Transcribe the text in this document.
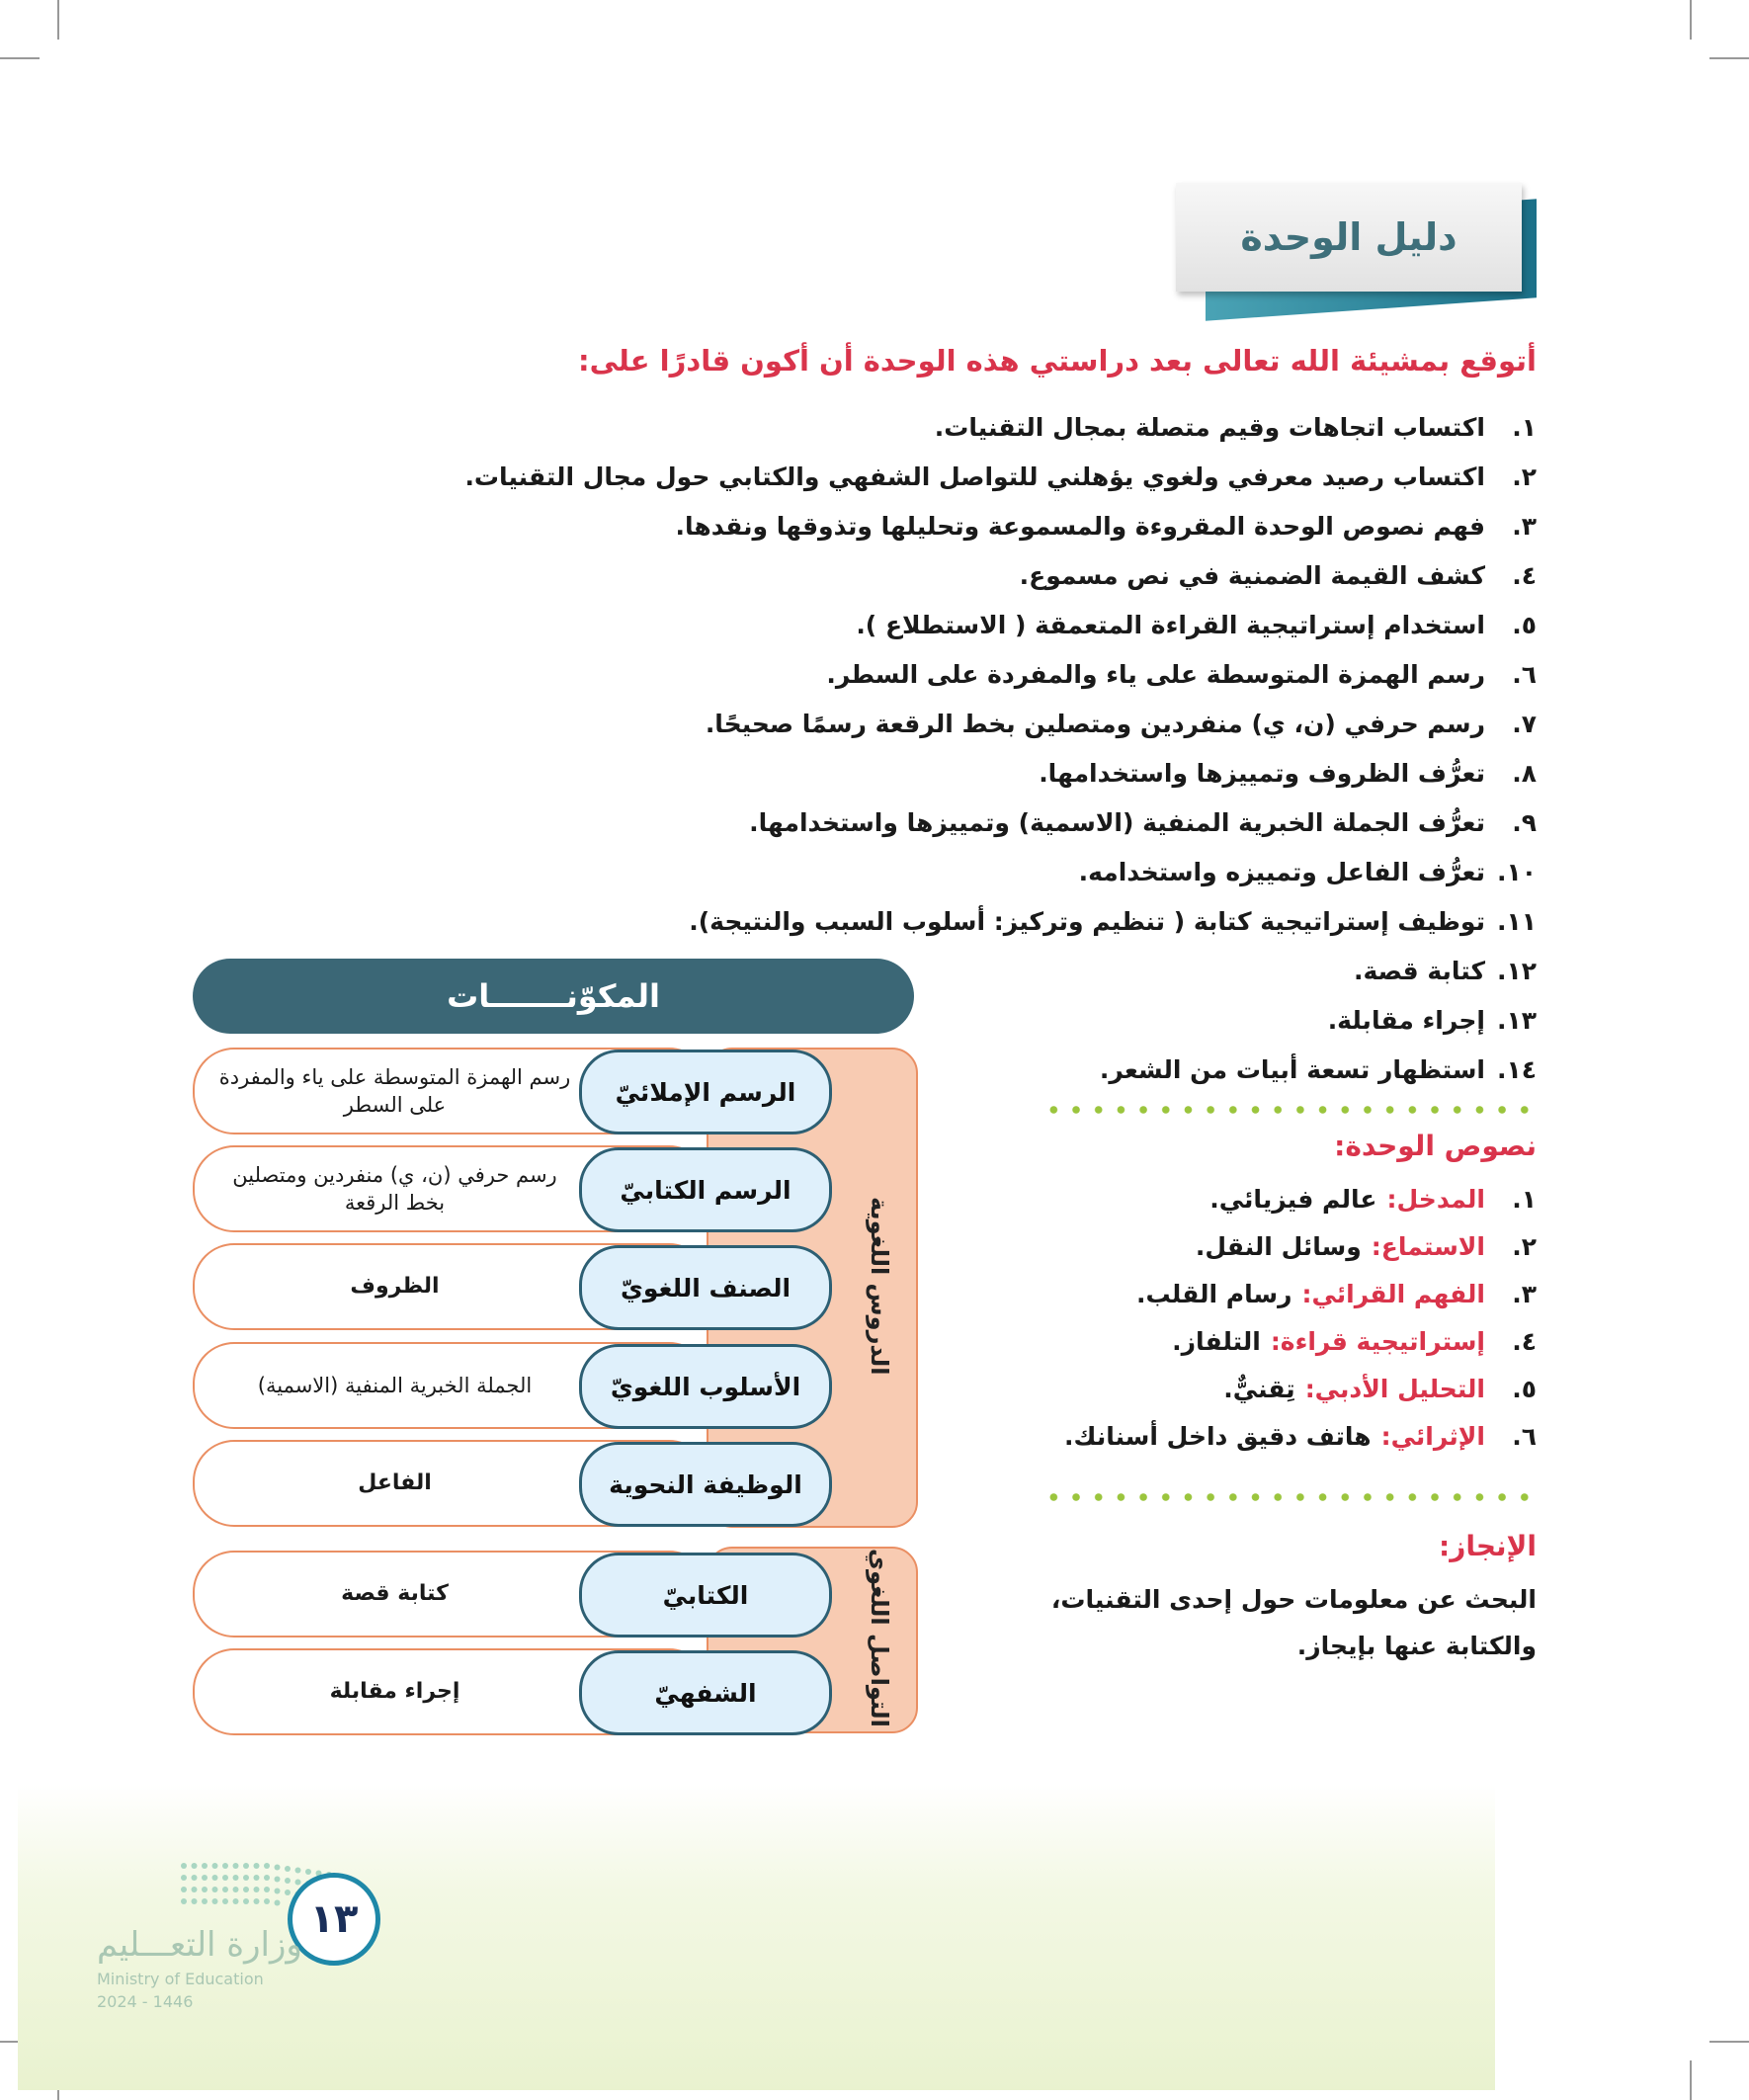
دليل الوحدة
أتوقع بمشيئة الله تعالى بعد دراستي هذه الوحدة أن أكون قادرًا على:
١.
اكتساب اتجاهات وقيم متصلة بمجال التقنيات.
٢.
اكتساب رصيد معرفي ولغوي يؤهلني للتواصل الشفهي والكتابي حول مجال التقنيات.
٣.
فهم نصوص الوحدة المقروءة والمسموعة وتحليلها وتذوقها ونقدها.
٤.
كشف القيمة الضمنية في نص مسموع.
٥.
استخدام إستراتيجية القراءة المتعمقة ( الاستطلاع ).
٦.
رسم الهمزة المتوسطة على ياء والمفردة على السطر.
٧.
رسم حرفي (ن، ي) منفردين ومتصلين بخط الرقعة رسمًا صحيحًا.
٨.
تعرُّف الظروف وتمييزها واستخدامها.
٩.
تعرُّف الجملة الخبرية المنفية (الاسمية) وتمييزها واستخدامها.
١٠.
تعرُّف الفاعل وتمييزه واستخدامه.
١١.
توظيف إستراتيجية كتابة ( تنظيم وتركيز: أسلوب السبب والنتيجة).
١٢.
كتابة قصة.
١٣.
إجراء مقابلة.
١٤.
استظهار تسعة أبيات من الشعر.
نصوص الوحدة:
١.
المدخل:
عالم فيزيائي.
٢.
الاستماع:
وسائل النقل.
٣.
الفهم القرائي:
رسام القلب.
٤.
إستراتيجية قراءة:
التلفاز.
٥.
التحليل الأدبي:
تِقنيٌّ.
٦.
الإثرائي:
هاتف دقيق داخل أسنانك.
الإنجاز:
البحث عن معلومات حول إحدى التقنيات، والكتابة عنها بإيجاز.
المكوّنـــــــات
الدروس اللغوية
التواصل اللغوي
رسم الهمزة المتوسطة على ياء والمفردة على السطر	الرسم الإملائيّ
رسم حرفي (ن، ي) منفردين ومتصلين بخط الرقعة	الرسم الكتابيّ
الظروف	الصنف اللغويّ
الجملة الخبرية المنفية (الاسمية)	الأسلوب اللغويّ
الفاعل	الوظيفة النحوية
كتابة قصة	الكتابيّ
إجراء مقابلة	الشفهيّ
١٣
وزارة التعـــليم
Ministry of Education
2024 - 1446
